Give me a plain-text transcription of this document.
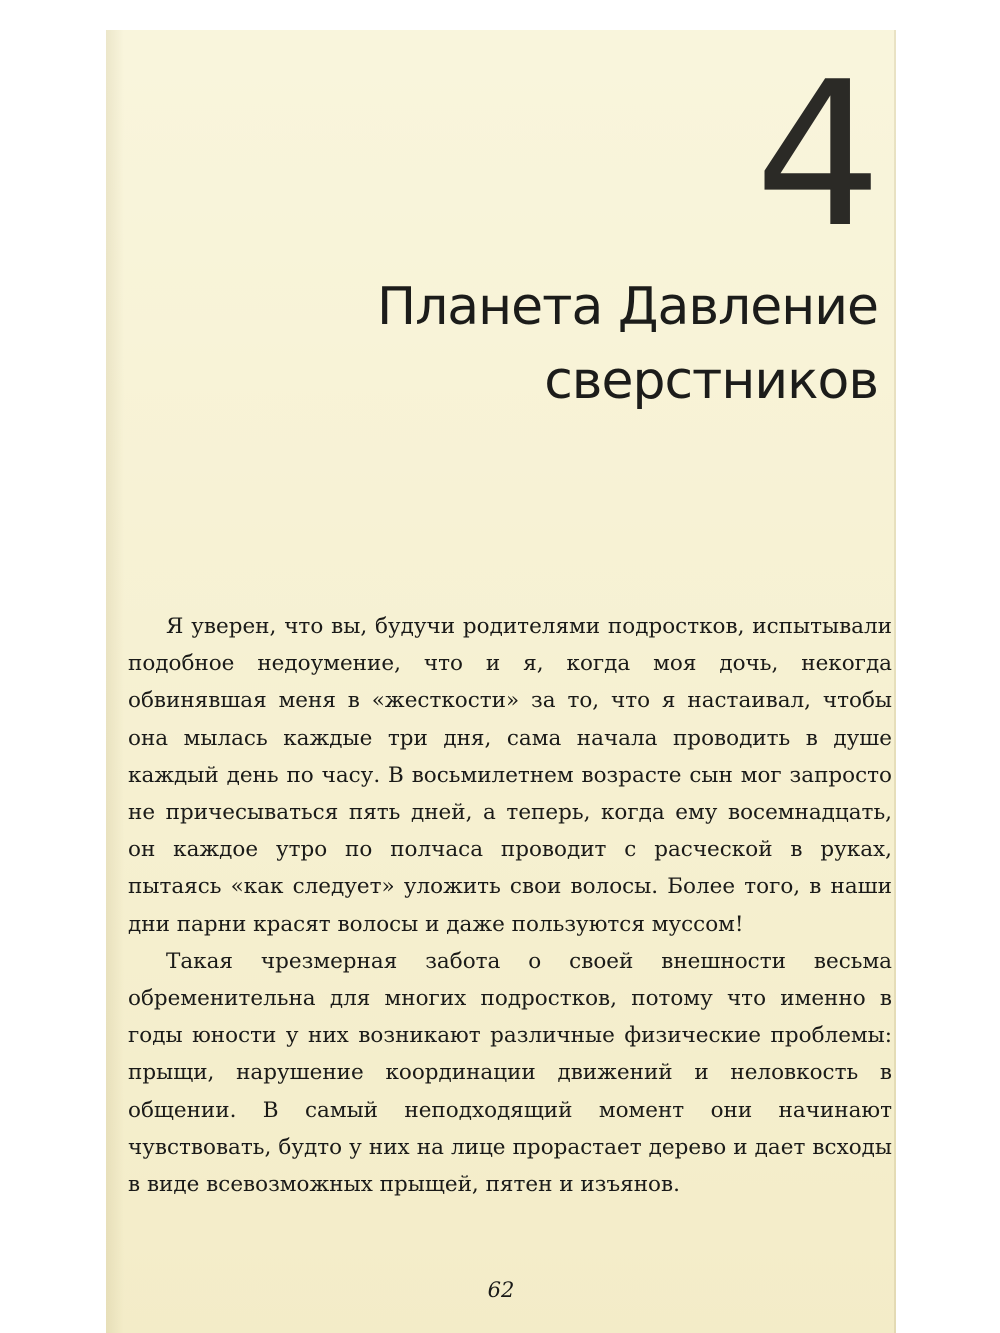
4
Планета Давление
сверстников

Я уверен, что вы, будучи родителями подростков, испытывали подобное недоумение, что и я, когда моя дочь, некогда обвинявшая меня в «жесткости» за то, что я настаивал, чтобы она мылась каждые три дня, сама начала проводить в душе каждый день по часу. В восьмилетнем возрасте сын мог запросто не причесываться пять дней, а теперь, когда ему восемнадцать, он каждое утро по полчаса проводит с расческой в руках, пытаясь «как следует» уложить свои волосы. Более того, в наши дни парни красят волосы и даже пользуются муссом!

Такая чрезмерная забота о своей внешности весьма обременительна для многих подростков, потому что именно в годы юности у них возникают различные физические проблемы: прыщи, нарушение координации движений и неловкость в общении. В самый неподходящий момент они начинают чувствовать, будто у них на лице прорастает дерево и дает всходы в виде всевозможных прыщей, пятен и изъянов.

62
